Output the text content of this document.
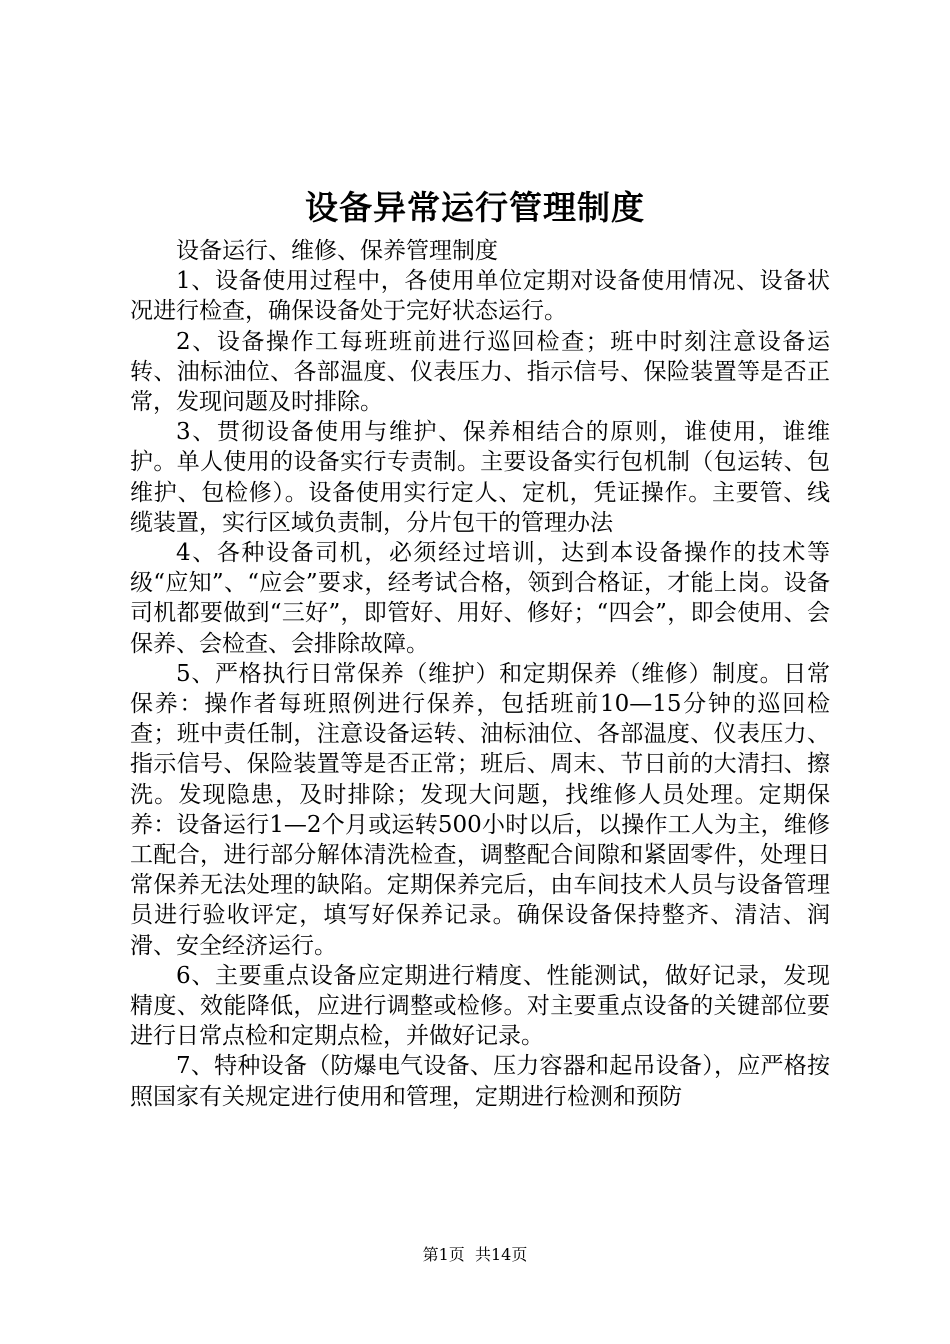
设备异常运行管理制度

设备运行、维修、保养管理制度

1、设备使用过程中，各使用单位定期对设备使用情况、设备状况进行检查，确保设备处于完好状态运行。

2、设备操作工每班班前进行巡回检查；班中时刻注意设备运转、油标油位、各部温度、仪表压力、指示信号、保险装置等是否正常，发现问题及时排除。

3、贯彻设备使用与维护、保养相结合的原则，谁使用，谁维护。单人使用的设备实行专责制。主要设备实行包机制（包运转、包维护、包检修）。设备使用实行定人、定机，凭证操作。主要管、线缆装置，实行区域负责制，分片包干的管理办法

4、各种设备司机，必须经过培训，达到本设备操作的技术等级“应知”、“应会”要求，经考试合格，领到合格证，才能上岗。设备司机都要做到“三好”，即管好、用好、修好；“四会”，即会使用、会保养、会检查、会排除故障。

5、严格执行日常保养（维护）和定期保养（维修）制度。日常保养：操作者每班照例进行保养，包括班前10—15分钟的巡回检查；班中责任制，注意设备运转、油标油位、各部温度、仪表压力、指示信号、保险装置等是否正常；班后、周末、节日前的大清扫、擦洗。发现隐患，及时排除；发现大问题，找维修人员处理。定期保养：设备运行1—2个月或运转500小时以后，以操作工人为主，维修工配合，进行部分解体清洗检查，调整配合间隙和紧固零件，处理日常保养无法处理的缺陷。定期保养完后，由车间技术人员与设备管理员进行验收评定，填写好保养记录。确保设备保持整齐、清洁、润滑、安全经济运行。

6、主要重点设备应定期进行精度、性能测试，做好记录，发现精度、效能降低，应进行调整或检修。对主要重点设备的关键部位要进行日常点检和定期点检，并做好记录。

7、特种设备（防爆电气设备、压力容器和起吊设备），应严格按照国家有关规定进行使用和管理，定期进行检测和预防

第1页 共14页
